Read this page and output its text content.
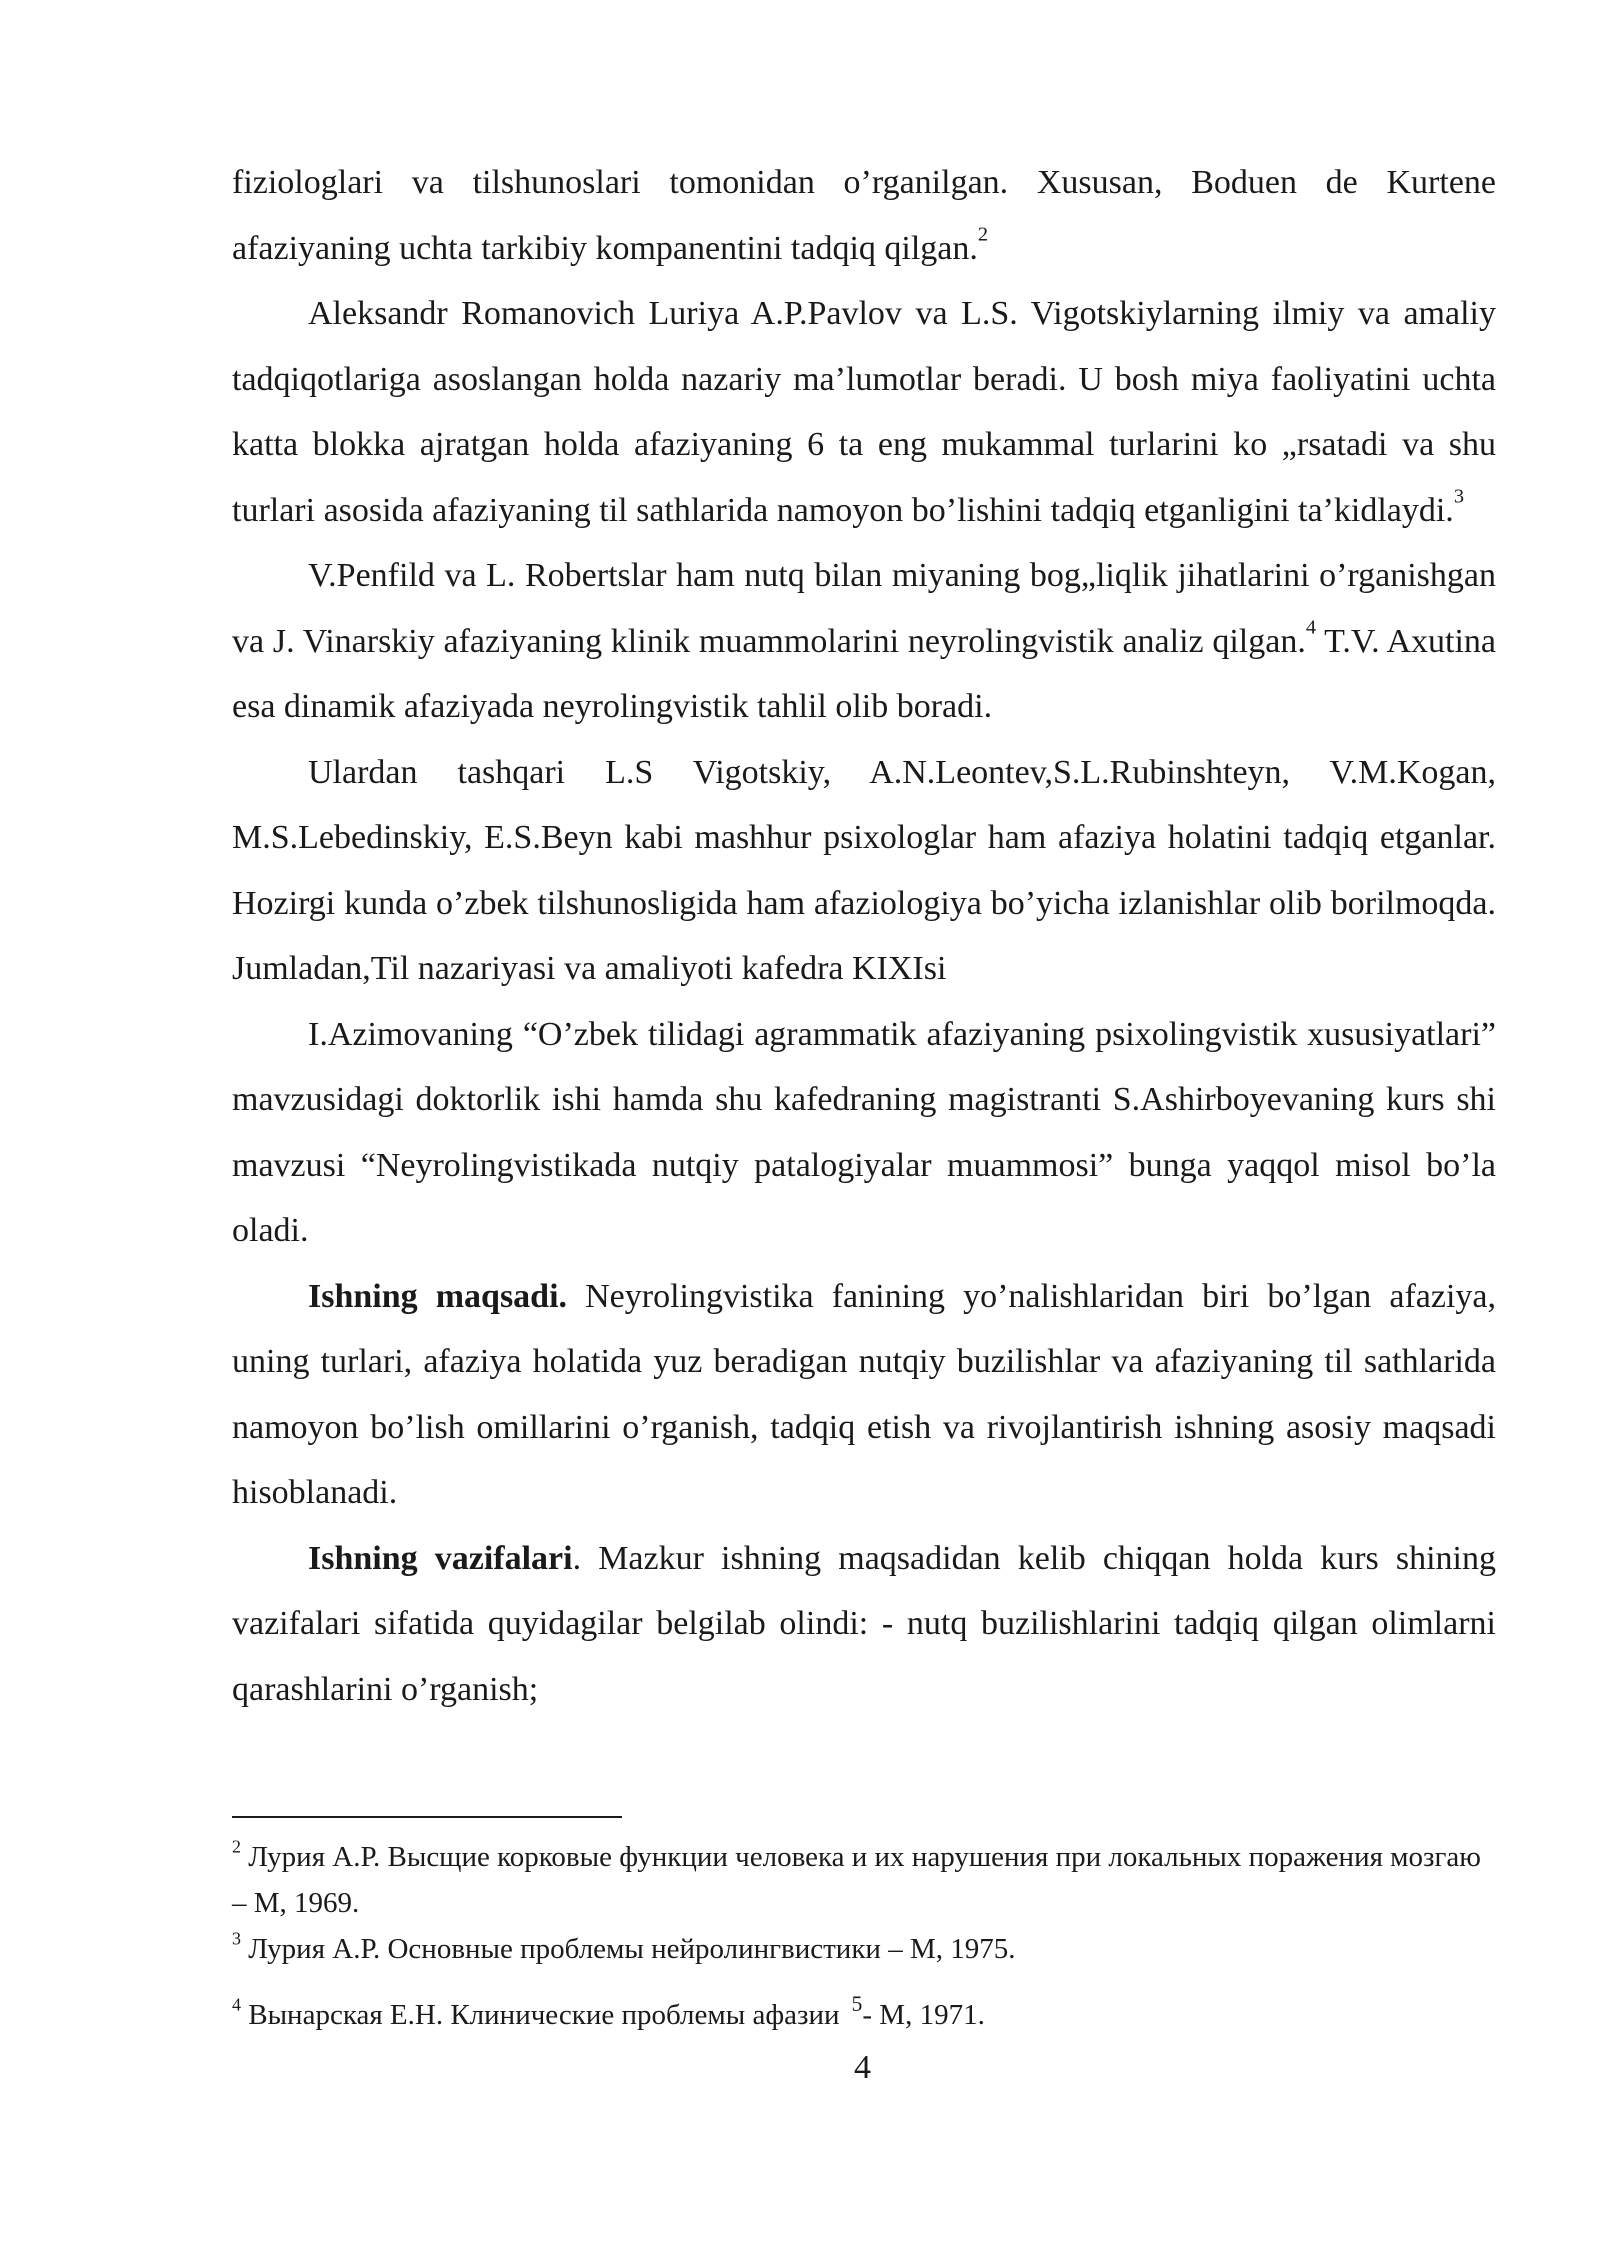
fiziologlari va tilshunoslari tomonidan o’rganilgan. Xususan, Boduen de Kurtene afaziyaning uchta tarkibiy kompanentini tadqiq qilgan.$^2$

Aleksandr Romanovich Luriya A.P.Pavlov va L.S. Vigotskiylarning ilmiy va amaliy tadqiqotlariga asoslangan holda nazariy ma’lumotlar beradi. U bosh miya faoliyatini uchta katta blokka ajratgan holda afaziyaning 6 ta eng mukammal turlarini ko „rsatadi va shu turlari asosida afaziyaning til sathlarida namoyon bo’lishini tadqiq etganligini ta’kidlaydi.$^3$

V.Penfild va L. Robertslar ham nutq bilan miyaning bog„liqlik jihatlarini o’rganishgan va J. Vinarskiy afaziyaning klinik muammolarini neyrolingvistik analiz qilgan.$^4$ T.V. Axutina esa dinamik afaziyada neyrolingvistik tahlil olib boradi.

Ulardan tashqari L.S Vigotskiy, A.N.Leontev,S.L.Rubinshteyn, V.M.Kogan, M.S.Lebedinskiy, E.S.Beyn kabi mashhur psixologlar ham afaziya holatini tadqiq etganlar. Hozirgi kunda o’zbek tilshunosligida ham afaziologiya bo’yicha izlanishlar olib borilmoqda. Jumladan,Til nazariyasi va amaliyoti kafedra KIXIsi

I.Azimovaning “O’zbek tilidagi agrammatik afaziyaning psixolingvistik xususiyatlari” mavzusidagi doktorlik ishi hamda shu kafedraning magistranti S.Ashirboyevaning kurs shi mavzusi “Neyrolingvistikada nutqiy patalogiyalar muammosi” bunga yaqqol misol bo’la oladi.

Ishning maqsadi. Neyrolingvistika fanining yo’nalishlaridan biri bo’lgan afaziya, uning turlari, afaziya holatida yuz beradigan nutqiy buzilishlar va afaziyaning til sathlarida namoyon bo’lish omillarini o’rganish, tadqiq etish va rivojlantirish ishning asosiy maqsadi hisoblanadi.

Ishning vazifalari. Mazkur ishning maqsadidan kelib chiqqan holda kurs shining vazifalari sifatida quyidagilar belgilab olindi: - nutq buzilishlarini tadqiq qilgan olimlarni qarashlarini o’rganish;

$^2$ Лурия А.Р. Высщие корковые функции человека и их нарушения при локальных поражения мозгаю – М, 1969.

$^3$ Лурия А.Р. Основные проблемы нейролингвистики – М, 1975.

$^4$ Вынарская Е.Н. Клинические проблемы афазии $^5$- М, 1971.

4
